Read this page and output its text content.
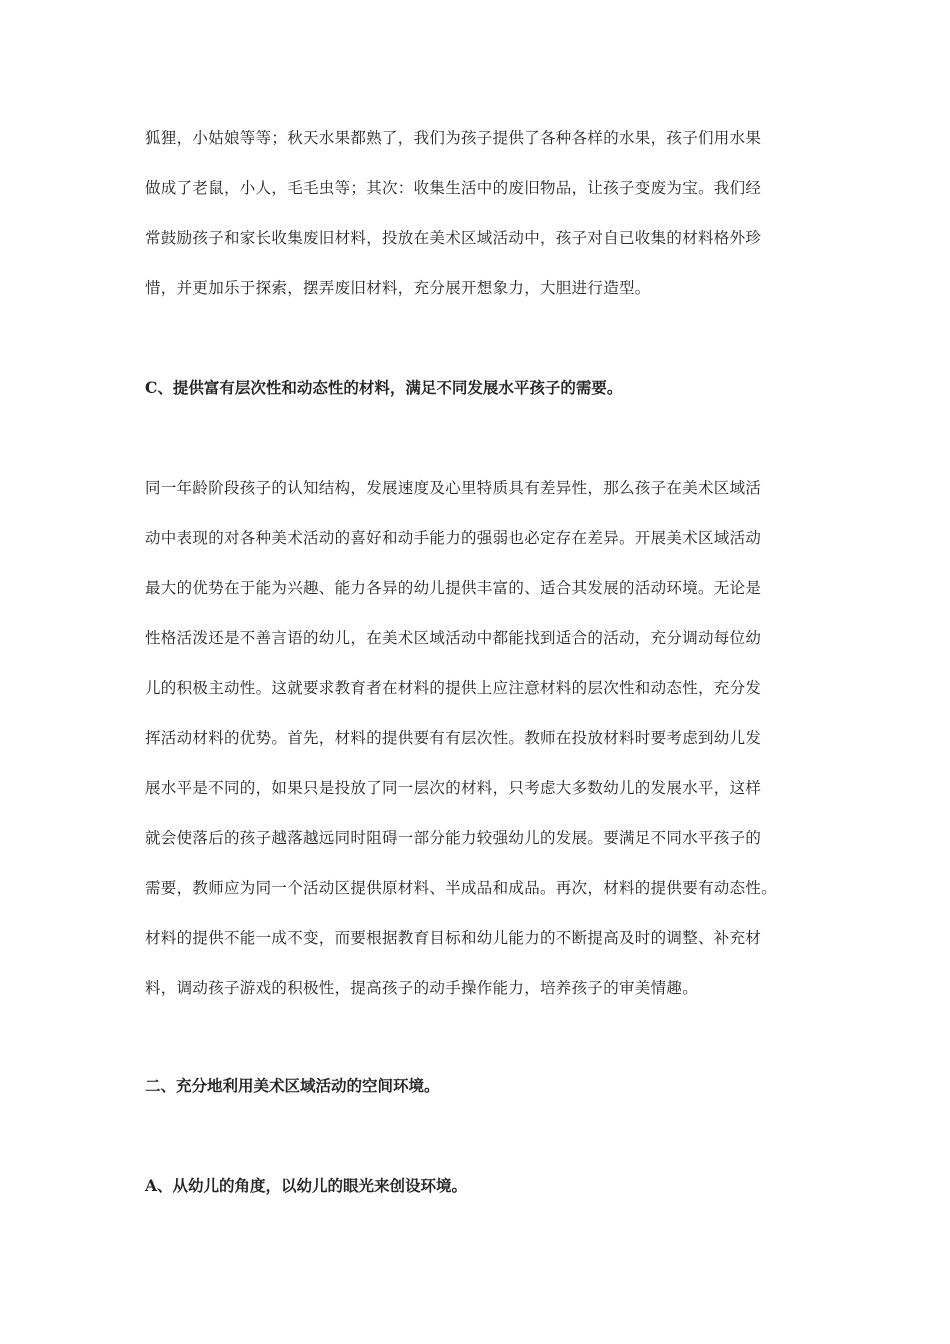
狐狸，小姑娘等等；秋天水果都熟了，我们为孩子提供了各种各样的水果，孩子们用水果
做成了老鼠，小人，毛毛虫等；其次：收集生活中的废旧物品，让孩子变废为宝。我们经
常鼓励孩子和家长收集废旧材料，投放在美术区域活动中，孩子对自已收集的材料格外珍
惜，并更加乐于探索，摆弄废旧材料，充分展开想象力，大胆进行造型。

C、提供富有层次性和动态性的材料，满足不同发展水平孩子的需要。

同一年龄阶段孩子的认知结构，发展速度及心里特质具有差异性，那么孩子在美术区域活
动中表现的对各种美术活动的喜好和动手能力的强弱也必定存在差异。开展美术区域活动
最大的优势在于能为兴趣、能力各异的幼儿提供丰富的、适合其发展的活动环境。无论是
性格活泼还是不善言语的幼儿，在美术区域活动中都能找到适合的活动，充分调动每位幼
儿的积极主动性。这就要求教育者在材料的提供上应注意材料的层次性和动态性，充分发
挥活动材料的优势。首先，材料的提供要有有层次性。教师在投放材料时要考虑到幼儿发
展水平是不同的，如果只是投放了同一层次的材料，只考虑大多数幼儿的发展水平，这样
就会使落后的孩子越落越远同时阻碍一部分能力较强幼儿的发展。要满足不同水平孩子的
需要，教师应为同一个活动区提供原材料、半成品和成品。再次，材料的提供要有动态性。
材料的提供不能一成不变，而要根据教育目标和幼儿能力的不断提高及时的调整、补充材
料，调动孩子游戏的积极性，提高孩子的动手操作能力，培养孩子的审美情趣。

二、充分地利用美术区域活动的空间环境。

A、从幼儿的角度，以幼儿的眼光来创设环境。
